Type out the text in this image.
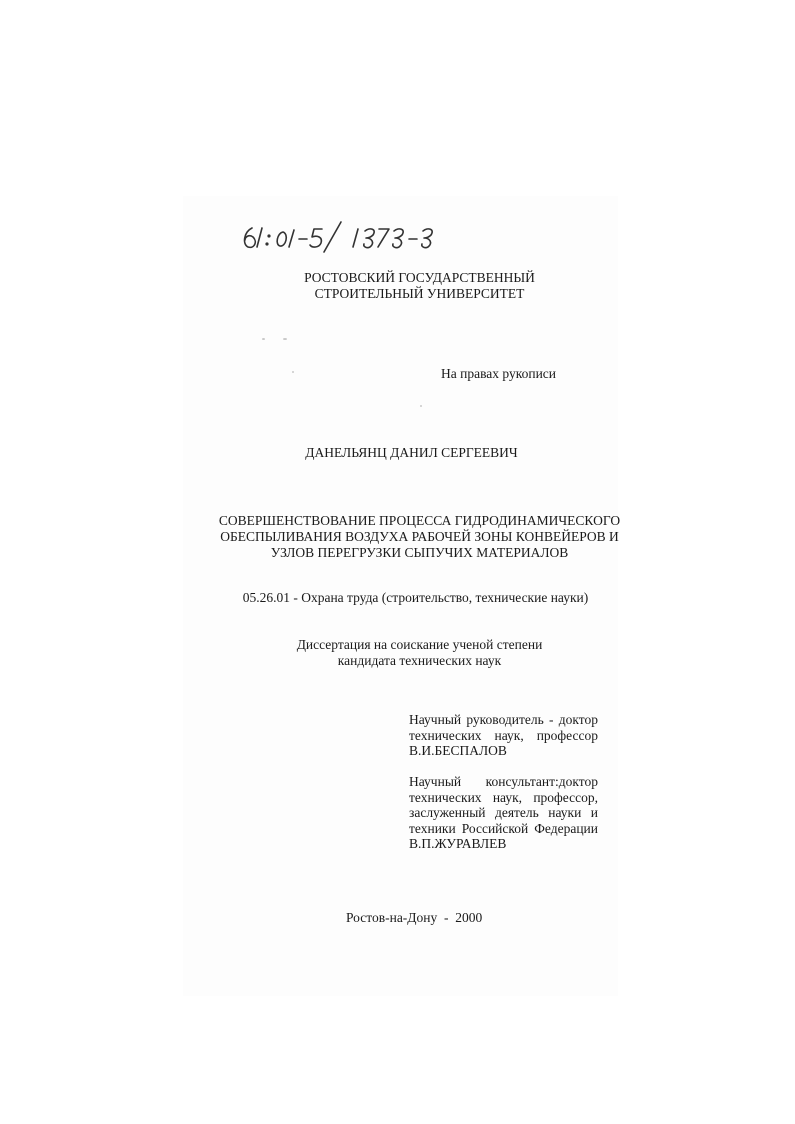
РОСТОВСКИЙ ГОСУДАРСТВЕННЫЙ
СТРОИТЕЛЬНЫЙ УНИВЕРСИТЕТ
На правах рукописи
ДАНЕЛЬЯНЦ ДАНИЛ СЕРГЕЕВИЧ
СОВЕРШЕНСТВОВАНИЕ ПРОЦЕССА ГИДРОДИНАМИЧЕСКОГО
ОБЕСПЫЛИВАНИЯ ВОЗДУХА РАБОЧЕЙ ЗОНЫ КОНВЕЙЕРОВ И
УЗЛОВ ПЕРЕГРУЗКИ СЫПУЧИХ МАТЕРИАЛОВ
05.26.01 - Охрана труда (строительство, технические науки)
Диссертация на соискание ученой степени
кандидата технических наук
Научный руководитель - доктор
технических наук, профессор
В.И.БЕСПАЛОВ
Научный консультант:доктор
технических наук, профессор,
заслуженный деятель науки и
техники Российской Федерации
В.П.ЖУРАВЛЕВ
Ростов-на-Дону  -  2000
